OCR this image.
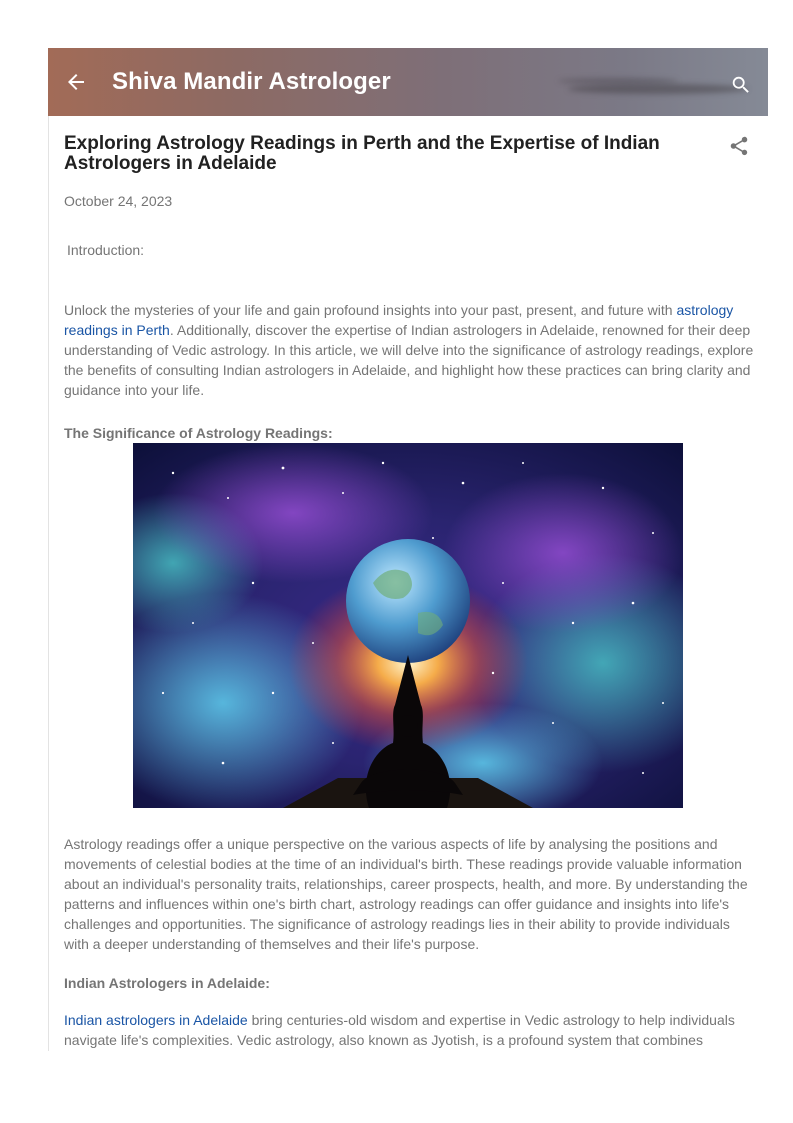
Shiva Mandir Astrologer
Exploring Astrology Readings in Perth and the Expertise of Indian Astrologers in Adelaide
October 24, 2023
Introduction:
Unlock the mysteries of your life and gain profound insights into your past, present, and future with astrology readings in Perth. Additionally, discover the expertise of Indian astrologers in Adelaide, renowned for their deep understanding of Vedic astrology. In this article, we will delve into the significance of astrology readings, explore the benefits of consulting Indian astrologers in Adelaide, and highlight how these practices can bring clarity and guidance into your life.
The Significance of Astrology Readings:
Astrology readings offer a unique perspective on the various aspects of life by analysing the positions and movements of celestial bodies at the time of an individual's birth. These readings provide valuable information about an individual's personality traits, relationships, career prospects, health, and more. By understanding the patterns and influences within one's birth chart, astrology readings can offer guidance and insights into life's challenges and opportunities. The significance of astrology readings lies in their ability to provide individuals with a deeper understanding of themselves and their life's purpose.
Indian Astrologers in Adelaide:
Indian astrologers in Adelaide bring centuries-old wisdom and expertise in Vedic astrology to help individuals navigate life's complexities. Vedic astrology, also known as Jyotish, is a profound system that combines
